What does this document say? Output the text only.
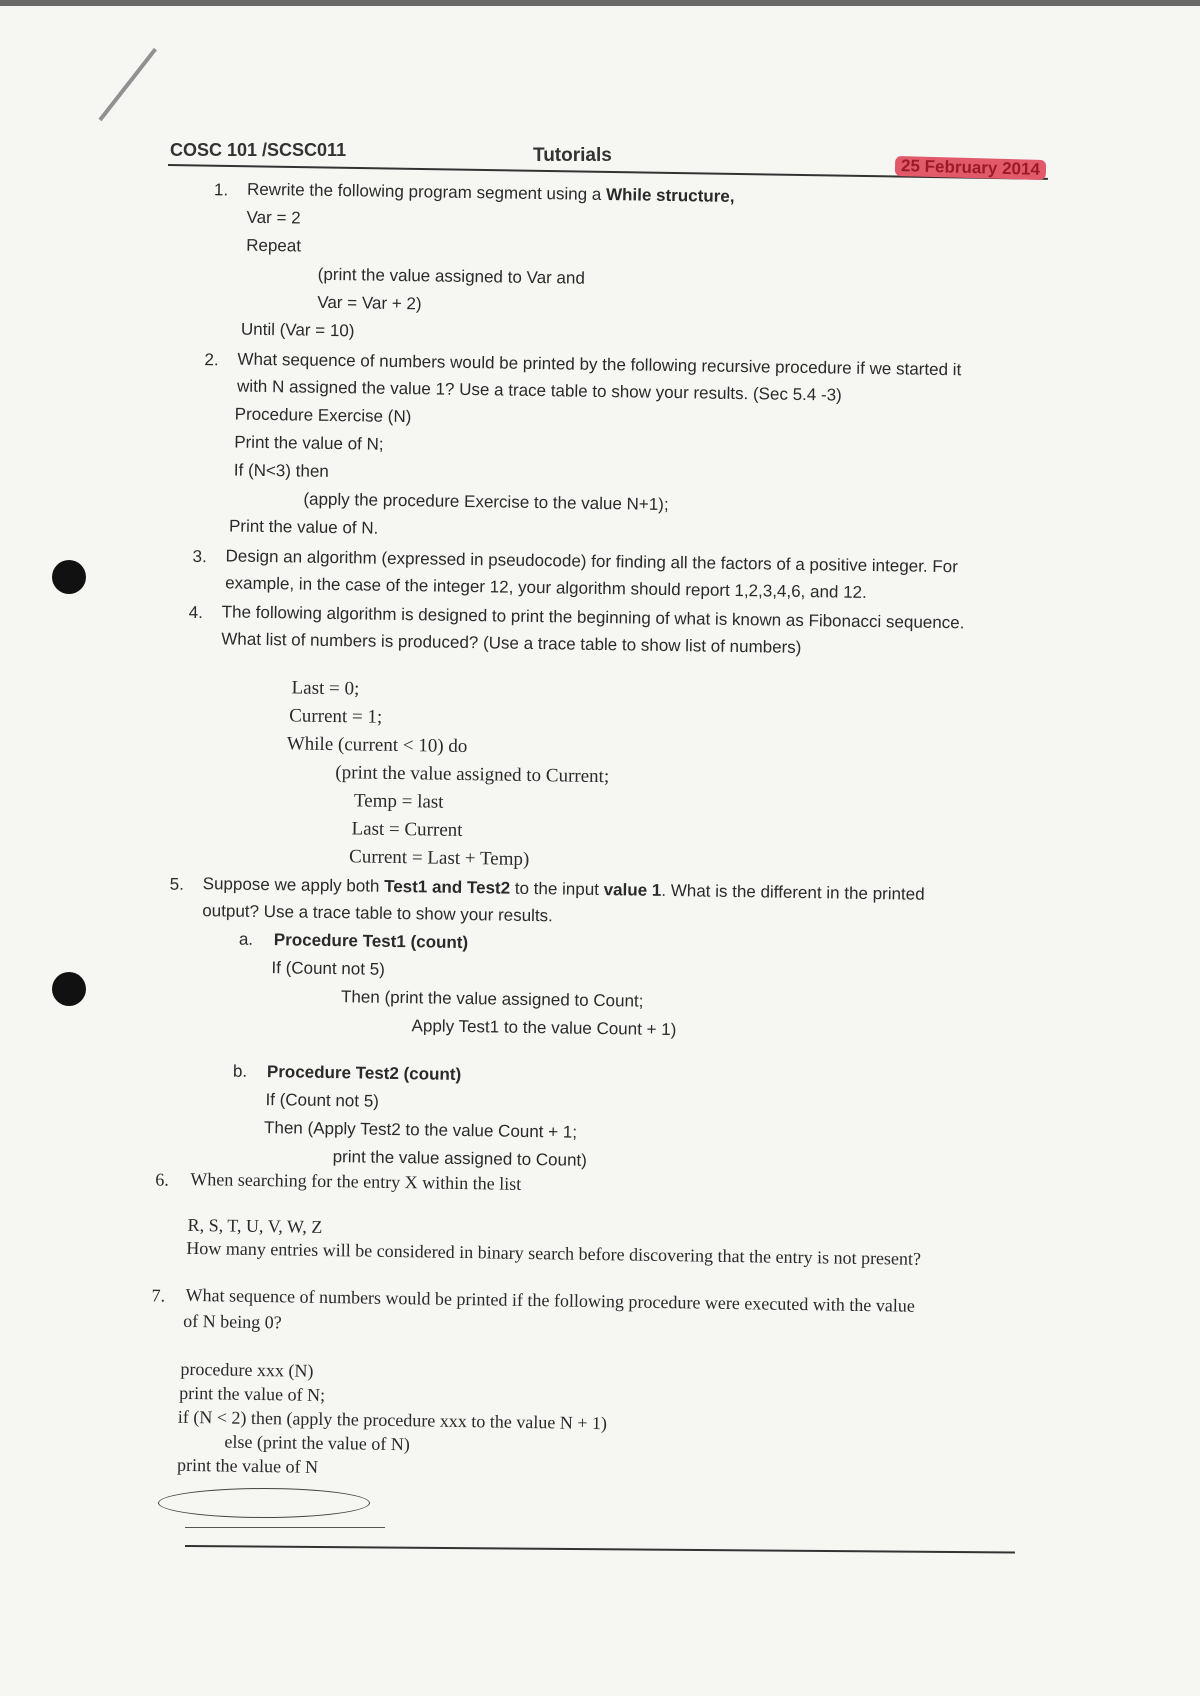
COSC 101 /SCSC011	Tutorials
25 February 2014
1. Rewrite the following program segment using a While structure,
Var = 2
Repeat
(print the value assigned to Var and
Var = Var + 2)
Until (Var = 10)
2. What sequence of numbers would be printed by the following recursive procedure if we started it
with N assigned the value 1? Use a trace table to show your results. (Sec 5.4 -3)
Procedure Exercise (N)
Print the value of N;
If (N<3) then
(apply the procedure Exercise to the value N+1);
Print the value of N.
3. Design an algorithm (expressed in pseudocode) for finding all the factors of a positive integer. For
example, in the case of the integer 12, your algorithm should report 1,2,3,4,6, and 12.
4. The following algorithm is designed to print the beginning of what is known as Fibonacci sequence.
What list of numbers is produced? (Use a trace table to show list of numbers)
Last = 0;
Current = 1;
While (current < 10) do
(print the value assigned to Current;
Temp = last
Last = Current
Current = Last + Temp)
5. Suppose we apply both Test1 and Test2 to the input value 1. What is the different in the printed
output? Use a trace table to show your results.
a. Procedure Test1 (count)
If (Count not 5)
Then (print the value assigned to Count;
Apply Test1 to the value Count + 1)
b. Procedure Test2 (count)
If (Count not 5)
Then (Apply Test2 to the value Count + 1;
print the value assigned to Count)
6. When searching for the entry X within the list
R, S, T, U, V, W, Z
How many entries will be considered in binary search before discovering that the entry is not present?
7. What sequence of numbers would be printed if the following procedure were executed with the value
of N being 0?
procedure xxx (N)
print the value of N;
if (N < 2) then (apply the procedure xxx to the value N + 1)
else (print the value of N)
print the value of N
